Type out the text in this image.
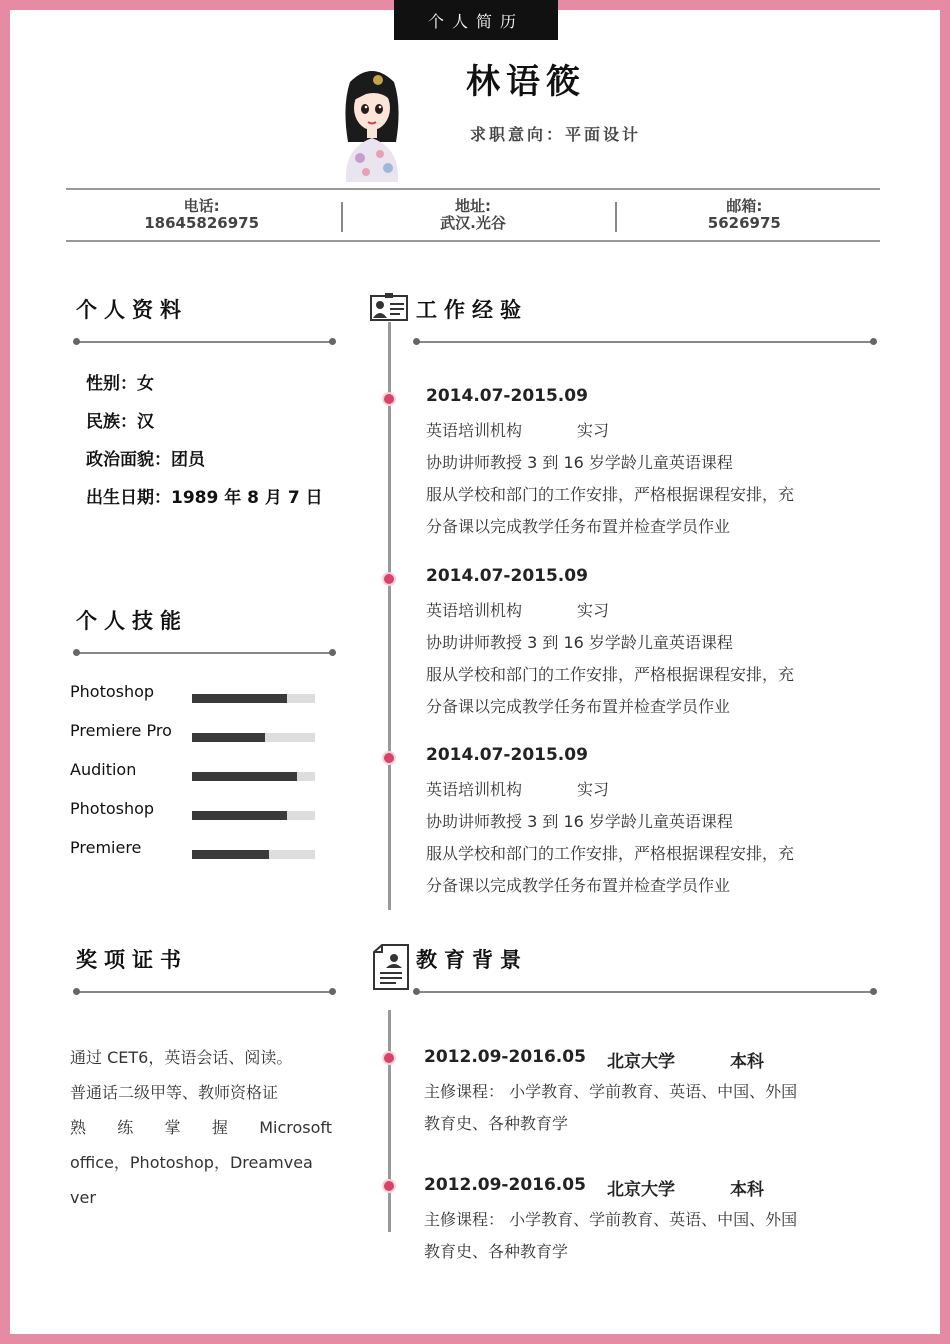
个人简历
林语筱
求职意向：平面设计
电话:
18645826975
地址:
武汉.光谷
邮箱:
5626975
个人资料
性别：女
民族：汉
政治面貌：团员
出生日期：1989 年 8 月 7 日
个人技能
Photoshop
Premiere Pro
Audition
Photoshop
Premiere
工作经验
2014.07-2015.09
英语培训机构	实习
协助讲师教授 3 到 16 岁学龄儿童英语课程
服从学校和部门的工作安排，严格根据课程安排，充
分备课以完成教学任务布置并检查学员作业
2014.07-2015.09
英语培训机构	实习
协助讲师教授 3 到 16 岁学龄儿童英语课程
服从学校和部门的工作安排，严格根据课程安排，充
分备课以完成教学任务布置并检查学员作业
2014.07-2015.09
英语培训机构	实习
协助讲师教授 3 到 16 岁学龄儿童英语课程
服从学校和部门的工作安排，严格根据课程安排，充
分备课以完成教学任务布置并检查学员作业
奖项证书
通过 CET6，英语会话、阅读。
普通话二级甲等、教师资格证
熟 练 掌 握 Microsoft
office，Photoshop，Dreamvea
ver
教育背景
2012.09-2016.05 北京大学	本科
主修课程： 小学教育、学前教育、英语、中国、外国
教育史、各种教育学
2012.09-2016.05 北京大学	本科
主修课程： 小学教育、学前教育、英语、中国、外国
教育史、各种教育学
